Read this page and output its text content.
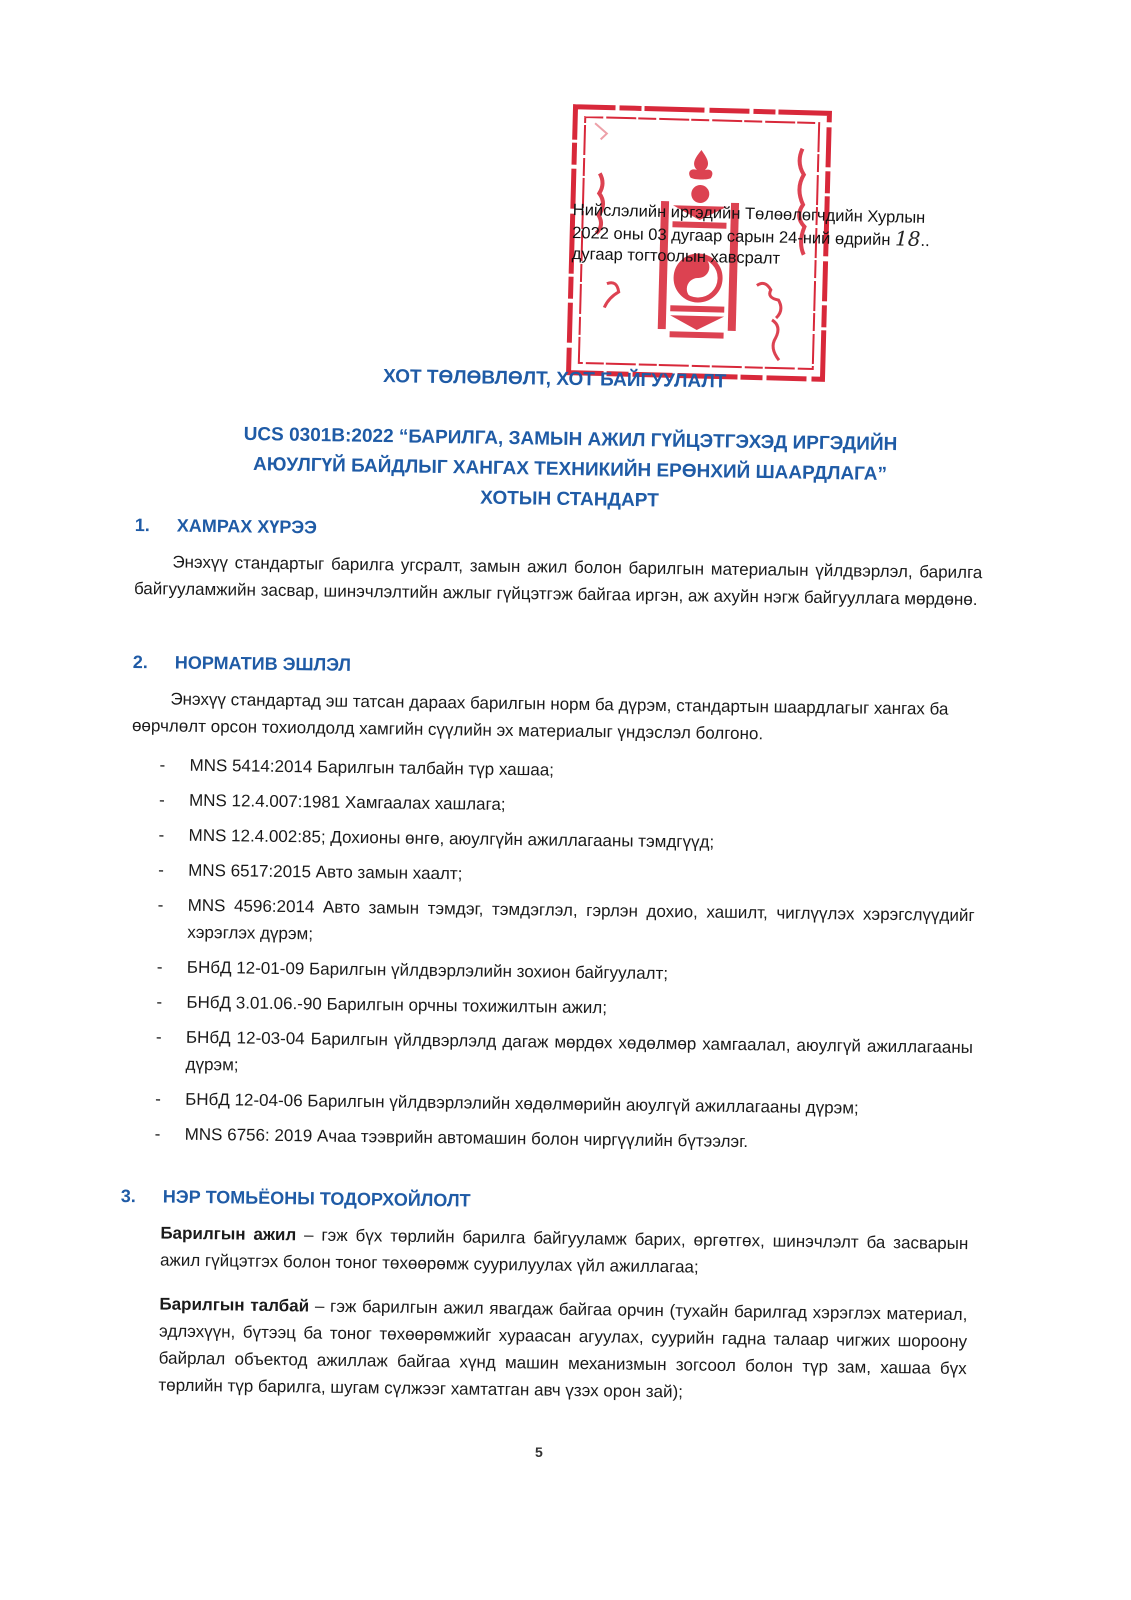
Нийслэлийн иргэдийн Төлөөлөгчдийн Хурлын
2022 оны 03 дугаар сарын 24-ний өдрийн 18..
дугаар тогтоолын хавсралт
ХОТ ТӨЛӨВЛӨЛТ, ХОТ БАЙГУУЛАЛТ
UCS 0301B:2022 “БАРИЛГА, ЗАМЫН АЖИЛ ГҮЙЦЭТГЭХЭД ИРГЭДИЙН
АЮУЛГҮЙ БАЙДЛЫГ ХАНГАХ ТЕХНИКИЙН ЕРӨНХИЙ ШААРДЛАГА”
ХОТЫН СТАНДАРТ
1. ХАМРАХ ХҮРЭЭ

Энэхүү стандартыг барилга угсралт, замын ажил болон барилгын материалын үйлдвэрлэл, барилга байгууламжийн засвар, шинэчлэлтийн ажлыг гүйцэтгэж байгаа иргэн, аж ахуйн нэгж байгууллага мөрдөнө.

2. НОРМАТИВ ЭШЛЭЛ

Энэхүү стандартад эш татсан дараах барилгын норм ба дүрэм, стандартын шаардлагыг хангах ба өөрчлөлт орсон тохиолдолд хамгийн сүүлийн эх материалыг үндэслэл болгоно.

-	MNS 5414:2014 Барилгын талбайн түр хашаа;
-	MNS 12.4.007:1981 Хамгаалах хашлага;
-	MNS 12.4.002:85; Дохионы өнгө, аюулгүйн ажиллагааны тэмдгүүд;
-	MNS 6517:2015 Авто замын хаалт;
-	MNS 4596:2014 Авто замын тэмдэг, тэмдэглэл, гэрлэн дохио, хашилт, чиглүүлэх хэрэгслүүдийг хэрэглэх дүрэм;
-	БНбД 12-01-09 Барилгын үйлдвэрлэлийн зохион байгуулалт;
-	БНбД 3.01.06.-90 Барилгын орчны тохижилтын ажил;
-	БНбД 12-03-04 Барилгын үйлдвэрлэлд дагаж мөрдөх хөдөлмөр хамгаалал, аюулгүй ажиллагааны дүрэм;
-	БНбД 12-04-06 Барилгын үйлдвэрлэлийн хөдөлмөрийн аюулгүй ажиллагааны дүрэм;
-	MNS 6756: 2019 Ачаа тээврийн автомашин болон чиргүүлийн бүтээлэг.
3. НЭР ТОМЬЁОНЫ ТОДОРХОЙЛОЛТ

Барилгын ажил – гэж бүх төрлийн барилга байгууламж барих, өргөтгөх, шинэчлэлт ба засварын ажил гүйцэтгэх болон тоног төхөөрөмж суурилуулах үйл ажиллагаа;

Барилгын талбай – гэж барилгын ажил явагдаж байгаа орчин (тухайн барилгад хэрэглэх материал, эдлэхүүн, бүтээц ба тоног төхөөрөмжийг хураасан агуулах, суурийн гадна талаар чигжих шороону байрлал объектод ажиллаж байгаа хүнд машин механизмын зогсоол болон түр зам, хашаа бүх төрлийн түр барилга, шугам сүлжээг хамтатган авч үзэх орон зай);

5
